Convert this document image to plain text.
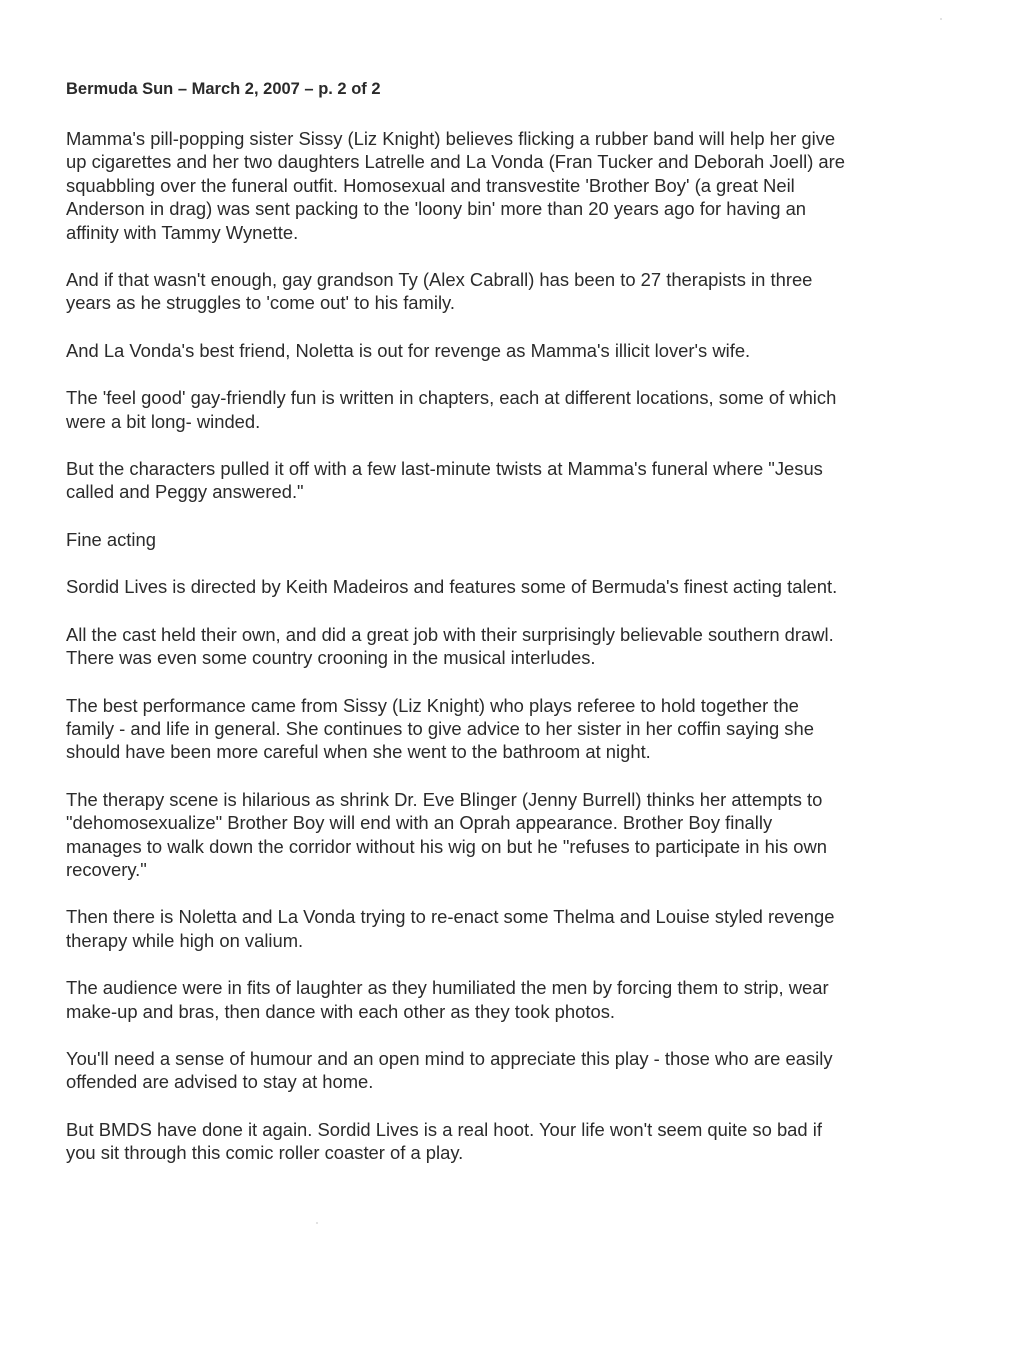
Bermuda Sun – March 2, 2007 – p. 2 of 2
Mamma's pill-popping sister Sissy (Liz Knight) believes flicking a rubber band will help her give
up cigarettes and her two daughters Latrelle and La Vonda (Fran Tucker and Deborah Joell) are
squabbling over the funeral outfit. Homosexual and transvestite 'Brother Boy' (a great Neil
Anderson in drag) was sent packing to the 'loony bin' more than 20 years ago for having an
affinity with Tammy Wynette.
And if that wasn't enough, gay grandson Ty (Alex Cabrall) has been to 27 therapists in three
years as he struggles to 'come out' to his family.
And La Vonda's best friend, Noletta is out for revenge as Mamma's illicit lover's wife.
The 'feel good' gay-friendly fun is written in chapters, each at different locations, some of which
were a bit long- winded.
But the characters pulled it off with a few last-minute twists at Mamma's funeral where "Jesus
called and Peggy answered."
Fine acting
Sordid Lives is directed by Keith Madeiros and features some of Bermuda's finest acting talent.
All the cast held their own, and did a great job with their surprisingly believable southern drawl.
There was even some country crooning in the musical interludes.
The best performance came from Sissy (Liz Knight) who plays referee to hold together the
family - and life in general. She continues to give advice to her sister in her coffin saying she
should have been more careful when she went to the bathroom at night.
The therapy scene is hilarious as shrink Dr. Eve Blinger (Jenny Burrell) thinks her attempts to
"dehomosexualize" Brother Boy will end with an Oprah appearance. Brother Boy finally
manages to walk down the corridor without his wig on but he "refuses to participate in his own
recovery."
Then there is Noletta and La Vonda trying to re-enact some Thelma and Louise styled revenge
therapy while high on valium.
The audience were in fits of laughter as they humiliated the men by forcing them to strip, wear
make-up and bras, then dance with each other as they took photos.
You'll need a sense of humour and an open mind to appreciate this play - those who are easily
offended are advised to stay at home.
But BMDS have done it again. Sordid Lives is a real hoot. Your life won't seem quite so bad if
you sit through this comic roller coaster of a play.
